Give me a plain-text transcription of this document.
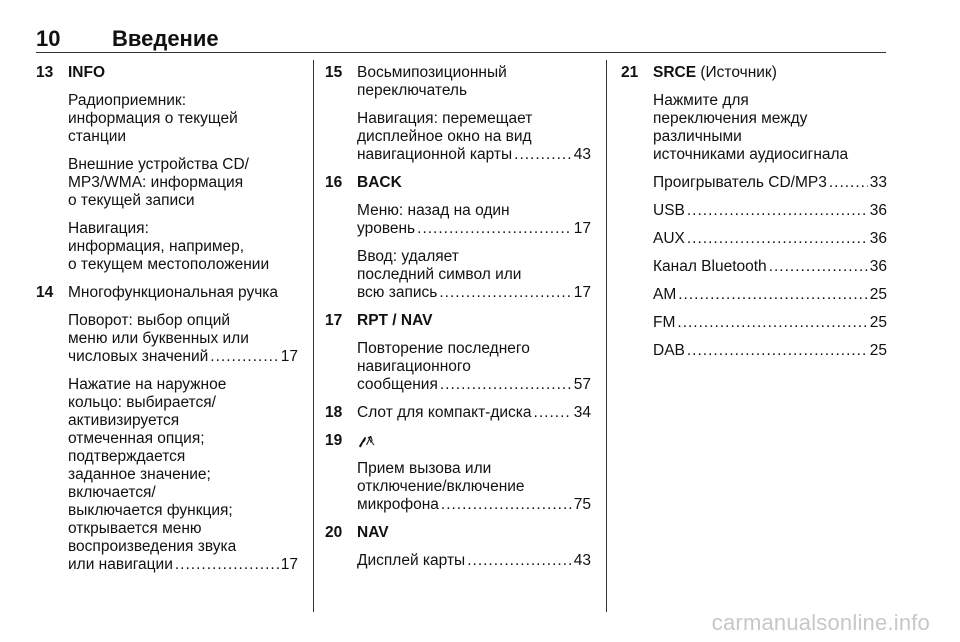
10 Введение
13 INFO
Радиоприемник:
информация о текущей
станции
Внешние устройства CD/
MP3/WMA: информация
о текущей записи
Навигация:
информация, например,
о текущем местоположении
14 Многофункциональная ручка
Поворот: выбор опций
меню или буквенных или
числовых значений .....	17
Нажатие на наружное
кольцо: выбирается/
активизируется
отмеченная опция;
подтверждается
заданное значение;
включается/
выключается функция;
открывается меню
воспроизведения звука
или навигации .....	17
15 Восьмипозиционный
переключатель
Навигация: перемещает
дисплейное окно на вид
навигационной карты .....	43
16 BACK
Меню: назад на один
уровень .....	17
Ввод: удаляет
последний символ или
всю запись .....	17
17 RPT / NAV
Повторение последнего
навигационного
сообщения .....	57
18 Слот для компакт-диска .....	34
19
Прием вызова или
отключение/включение
микрофона .....	75
20 NAV
Дисплей карты .....	43
21 SRCE (Источник)
Нажмите для
переключения между
различными
источниками аудиосигнала
Проигрыватель CD/MP3 .....	33
USB .....	36
AUX .....	36
Канал Bluetooth .....	36
AM .....	25
FM .....	25
DAB .....	25
carmanualsonline.info
